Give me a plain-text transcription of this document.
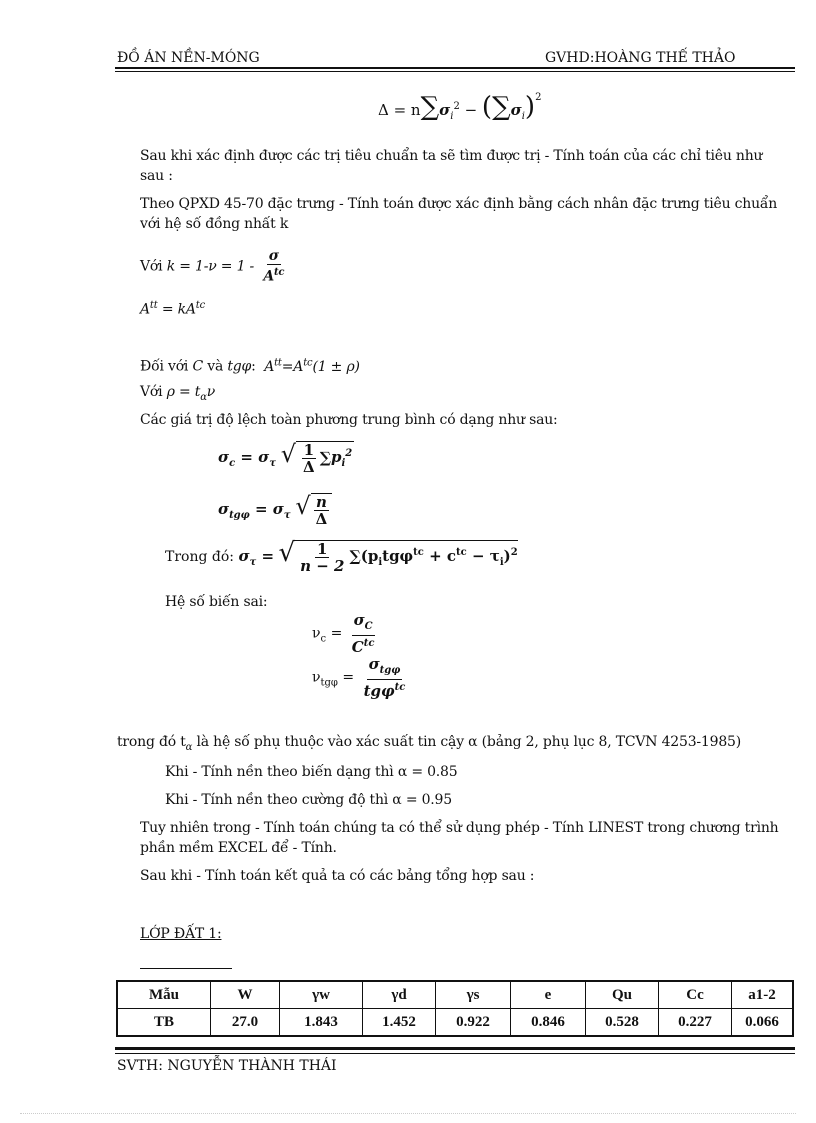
ĐỒ ÁN NỀN-MÓNG	GVHD:HOÀNG THẾ THẢO
$\Delta = n\sum\sigma_i^2 - (\sum\sigma_i)^2$
Sau khi xác định được các trị tiêu chuẩn ta sẽ tìm được trị - Tính toán của các chỉ tiêu như sau :
Theo QPXD 45-70 đặc trưng - Tính toán được xác định bằng cách nhân đặc trưng tiêu chuẩn với hệ số đồng nhất k
Với $k = 1-\nu = 1 - \frac{\sigma}{A^{tc}}$
$A^{tt} = kA^{tc}$
Đối với C và tgφ:  $A^{tt}=A^{tc}(1 \pm \rho)$
Với $\rho = t_\alpha\nu$
Các giá trị độ lệch toàn phương trung bình có dạng như sau:
$\sigma_c = \sigma_\tau$ √ $\frac{1}{\Delta} \sum p_i^2$
$\sigma_{tg\varphi} = \sigma_\tau$ √ $\frac{n}{\Delta}$
Trong đó: $\sigma_\tau$ = √ $\frac{1}{n - 2} \sum(p_itg\varphi^{tc} + c^{tc} - \tau_i)^2$
Hệ số biến sai:
$\nu_c = \frac{\sigma_C}{C^{tc}}$
$\nu_{tg\varphi} = \frac{\sigma_{tg\varphi}}{tg\varphi^{tc}}$
trong đó $t_\alpha$ là hệ số phụ thuộc vào xác suất tin cậy α (bảng 2, phụ lục 8, TCVN 4253-1985)
Khi - Tính nền theo biến dạng thì α = 0.85
Khi - Tính nền theo cường độ thì α = 0.95
Tuy nhiên trong - Tính toán chúng ta có thể sử dụng phép - Tính LINEST trong chương trình phần mềm EXCEL để - Tính.
Sau khi - Tính toán kết quả ta có các bảng tổng hợp sau :
LỚP ĐẤT 1:
Mẫu	W	γw	γd	γs	e	Qu	Cc	a1-2
TB	27.0	1.843	1.452	0.922	0.846	0.528	0.227	0.066
SVTH: NGUYỄN THÀNH THÁI
